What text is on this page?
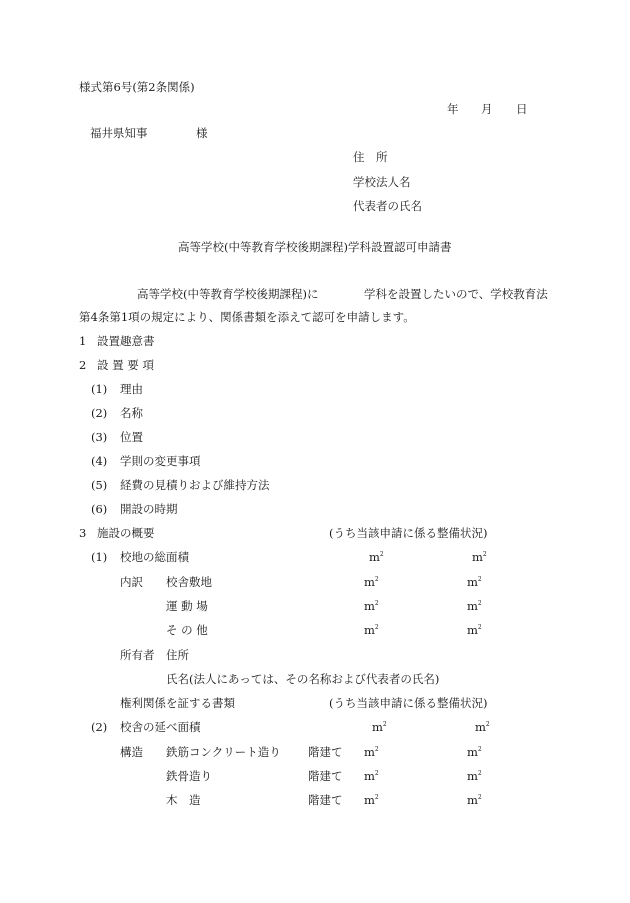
様式第6号(第2条関係)
年 月 日
福井県知事	様
住　所
学校法人名
代表者の氏名
高等学校(中等教育学校後期課程)学科設置認可申請書
高等学校(中等教育学校後期課程)に	学科を設置したいので、学校教育法
第4条第1項の規定により、関係書類を添えて認可を申請します。
1 設置趣意書
2 設 置 要 項
(1) 理由
(2) 名称
(3) 位置
(4) 学則の変更事項
(5) 経費の見積りおよび維持方法
(6) 開設の時期
3 施設の概要	(うち当該申請に係る整備状況)
(1) 校地の総面積	$m^2$	$m^2$
内訳 校舎敷地	$m^2$	$m^2$
運 動 場	$m^2$	$m^2$
そ の 他	$m^2$	$m^2$
所有者 住所
氏名(法人にあっては、その名称および代表者の氏名)
権利関係を証する書類	(うち当該申請に係る整備状況)
(2) 校舎の延べ面積	$m^2$	$m^2$
構造 鉄筋コンクリート造り 階建て $m^2$	$m^2$
鉄骨造り	階建て $m^2$	$m^2$
木　造	階建て $m^2$	$m^2$
